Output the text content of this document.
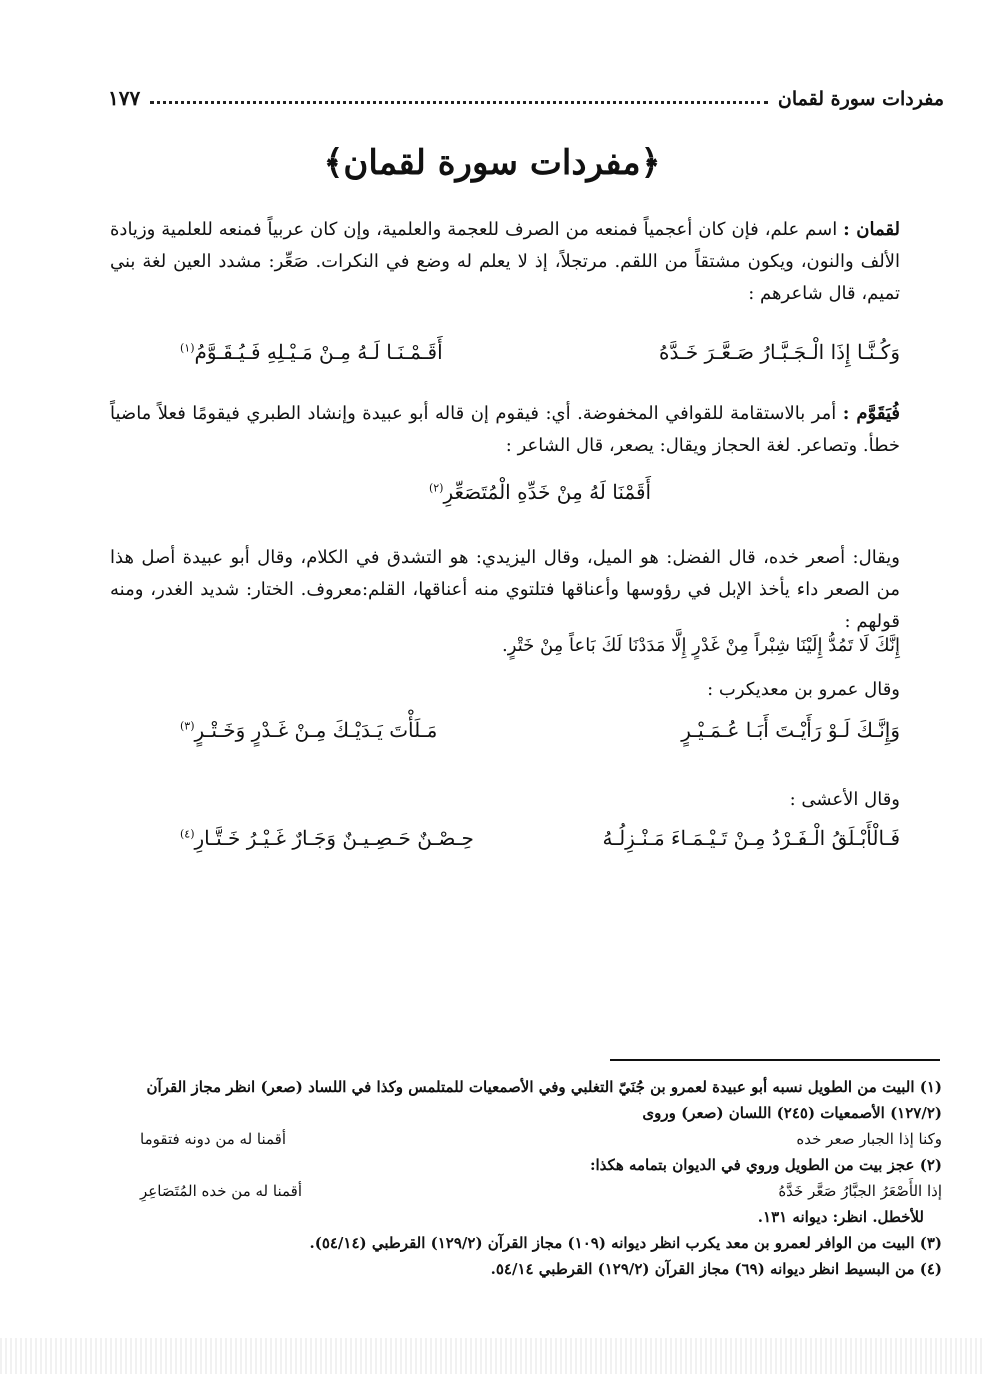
مفردات سورة لقمان
١٧٧
﴿مفردات سورة لقمان﴾
لقمان : اسم علم، فإن كان أعجمياً فمنعه من الصرف للعجمة والعلمية، وإن كان عربياً فمنعه للعلمية وزيادة الألف والنون، ويكون مشتقاً من اللقم. مرتجلاً، إذ لا يعلم له وضع في النكرات. صَعِّر: مشدد العين لغة بني تميم، قال شاعرهم :
وَكُـنَّـا إِذَا الْـجَـبَّـارُ صَـعَّـرَ خَـدَّهُ
أَقَـمْـنَـا لَـهُ مِـنْ مَـيْـلِهِ فَـيُـقَـوَّمُ$^{(١)}$
فُيَقَوَّم : أمر بالاستقامة للقوافي المخفوضة. أي: فيقوم إن قاله أبو عبيدة وإنشاد الطبري فيقومًا فعلاً ماضياً خطأ. وتصاعر. لغة الحجاز ويقال: يصعر، قال الشاعر :
أَقَمْنَا لَهُ مِنْ خَدِّهِ الْمُتَصَعِّرِ$^{(٢)}$
ويقال: أصعر خده، قال الفضل: هو الميل، وقال اليزيدي: هو التشدق في الكلام، وقال أبو عبيدة أصل هذا من الصعر داء يأخذ الإبل في رؤوسها وأعناقها فتلتوي منه أعناقها، القلم:معروف. الختار: شديد الغدر، ومنه قولهم :
إِنَّكَ لَا تَمُدُّ إِلَيْنَا شِبْراً مِنْ غَدْرٍ إِلَّا مَدَدْنَا لَكَ بَاعاً مِنْ خَتْرٍ.
وقال عمرو بن معديكرب :
وَإِنَّـكَ لَـوْ رَأَيْـتَ أَبَـا عُـمَـيْـرٍ
مَـلَأْتَ يَـدَيْـكَ مِـنْ غَـدْرٍ وَخَـتْـرٍ$^{(٣)}$
وقال الأعشى :
فَـالْأَبْـلَقُ الْـفَـرْدُ مِـنْ تَـيْـمَـاءَ مَـنْـزِلُـهُ
حِـصْـنٌ حَـصِـيـنٌ وَجَـارٌ غَـيْـرُ خَـتَّـارِ$^{(٤)}$

(١) البيت من الطويل نسبه أبو عبيدة لعمرو بن جُنَيّ التغلبي وفي الأصمعيات للمتلمس وكذا في اللساد (صعر) انظر مجاز القرآن (١٢٧/٢) الأصمعيات (٢٤٥) اللسان (صعر) وروى

وكنا إذا الجبار صعر خده
أقمنا له من دونه فتقوما

(٢) عجز بيت من الطويل وروي في الديوان بتمامه هكذا:

إذا الأَصْعَرُ الجبَّارُ صَعَّر خَدَّهُ
أقمنا له من خده المُتَصَاعِرِ

للأخطل. انظر: ديوانه ١٣١.

(٣) البيت من الوافر لعمرو بن معد يكرب انظر ديوانه (١٠٩) مجاز القرآن (١٢٩/٢) القرطبي (٥٤/١٤).

(٤) من البسيط انظر ديوانه (٦٩) مجاز القرآن (١٢٩/٢) القرطبي ٥٤/١٤.
